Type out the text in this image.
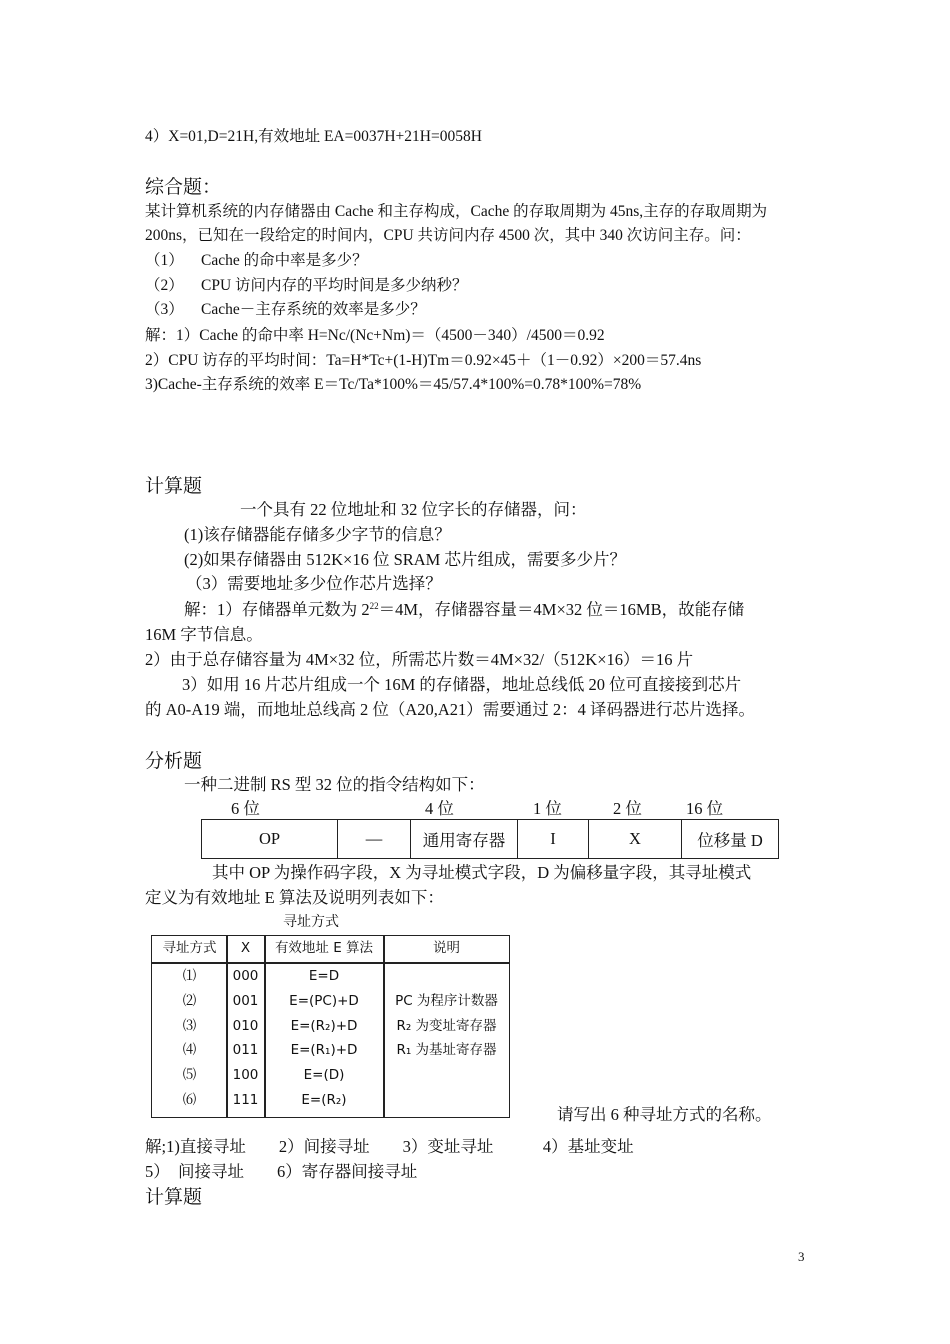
4）X=01,D=21H,有效地址 EA=0037H+21H=0058H
综合题：
某计算机系统的内存储器由 Cache 和主存构成，Cache 的存取周期为 45ns,主存的存取周期为
200ns，已知在一段给定的时间内，CPU 共访问内存 4500 次，其中 340 次访问主存。问：
（1） Cache 的命中率是多少？
（2） CPU 访问内存的平均时间是多少纳秒？
（3） Cache－主存系统的效率是多少？
解：1）Cache 的命中率 H=Nc/(Nc+Nm)＝（4500－340）/4500＝0.92
2）CPU 访存的平均时间：Ta=H*Tc+(1-H)Tm＝0.92×45＋（1－0.92）×200＝57.4ns
3)Cache-主存系统的效率 E＝Tc/Ta*100%＝45/57.4*100%=0.78*100%=78%
计算题
一个具有 22 位地址和 32 位字长的存储器，问：
(1)该存储器能存储多少字节的信息？
(2)如果存储器由 512K×16 位 SRAM 芯片组成，需要多少片？
（3）需要地址多少位作芯片选择？
解：1）存储器单元数为 $2^{22}=4M$，存储器容量＝4M×32 位＝16MB，故能存储
16M 字节信息。
2）由于总存储容量为 4M×32 位，所需芯片数＝4M×32/（512K×16）＝16 片
3）如用 16 片芯片组成一个 16M 的存储器，地址总线低 20 位可直接接到芯片
的 A0-A19 端，而地址总线高 2 位（A20,A21）需要通过 2：4 译码器进行芯片选择。
分析题
一种二进制 RS 型 32 位的指令结构如下：
6 位	4 位	1 位	2 位	16 位
OP	—	通用寄存器	I	X	位移量 D
其中 OP 为操作码字段，X 为寻址模式字段，D 为偏移量字段，其寻址模式
定义为有效地址 E 算法及说明列表如下：
寻址方式
寻址方式	X	有效地址 E 算法	说明
⑴	000	E=D
⑵	001	E=(PC)+D	PC 为程序计数器
⑶	010	E=(R₂)+D	R₂ 为变址寄存器
⑷	011	E=(R₁)+D	R₁ 为基址寄存器
⑸	100	E=(D)
⑹	111	E=(R₂)
请写出 6 种寻址方式的名称。
解;1)直接寻址　　2）间接寻址　　3）变址寻址　　　4）基址变址
5）　间接寻址　　6）寄存器间接寻址
计算题
3
